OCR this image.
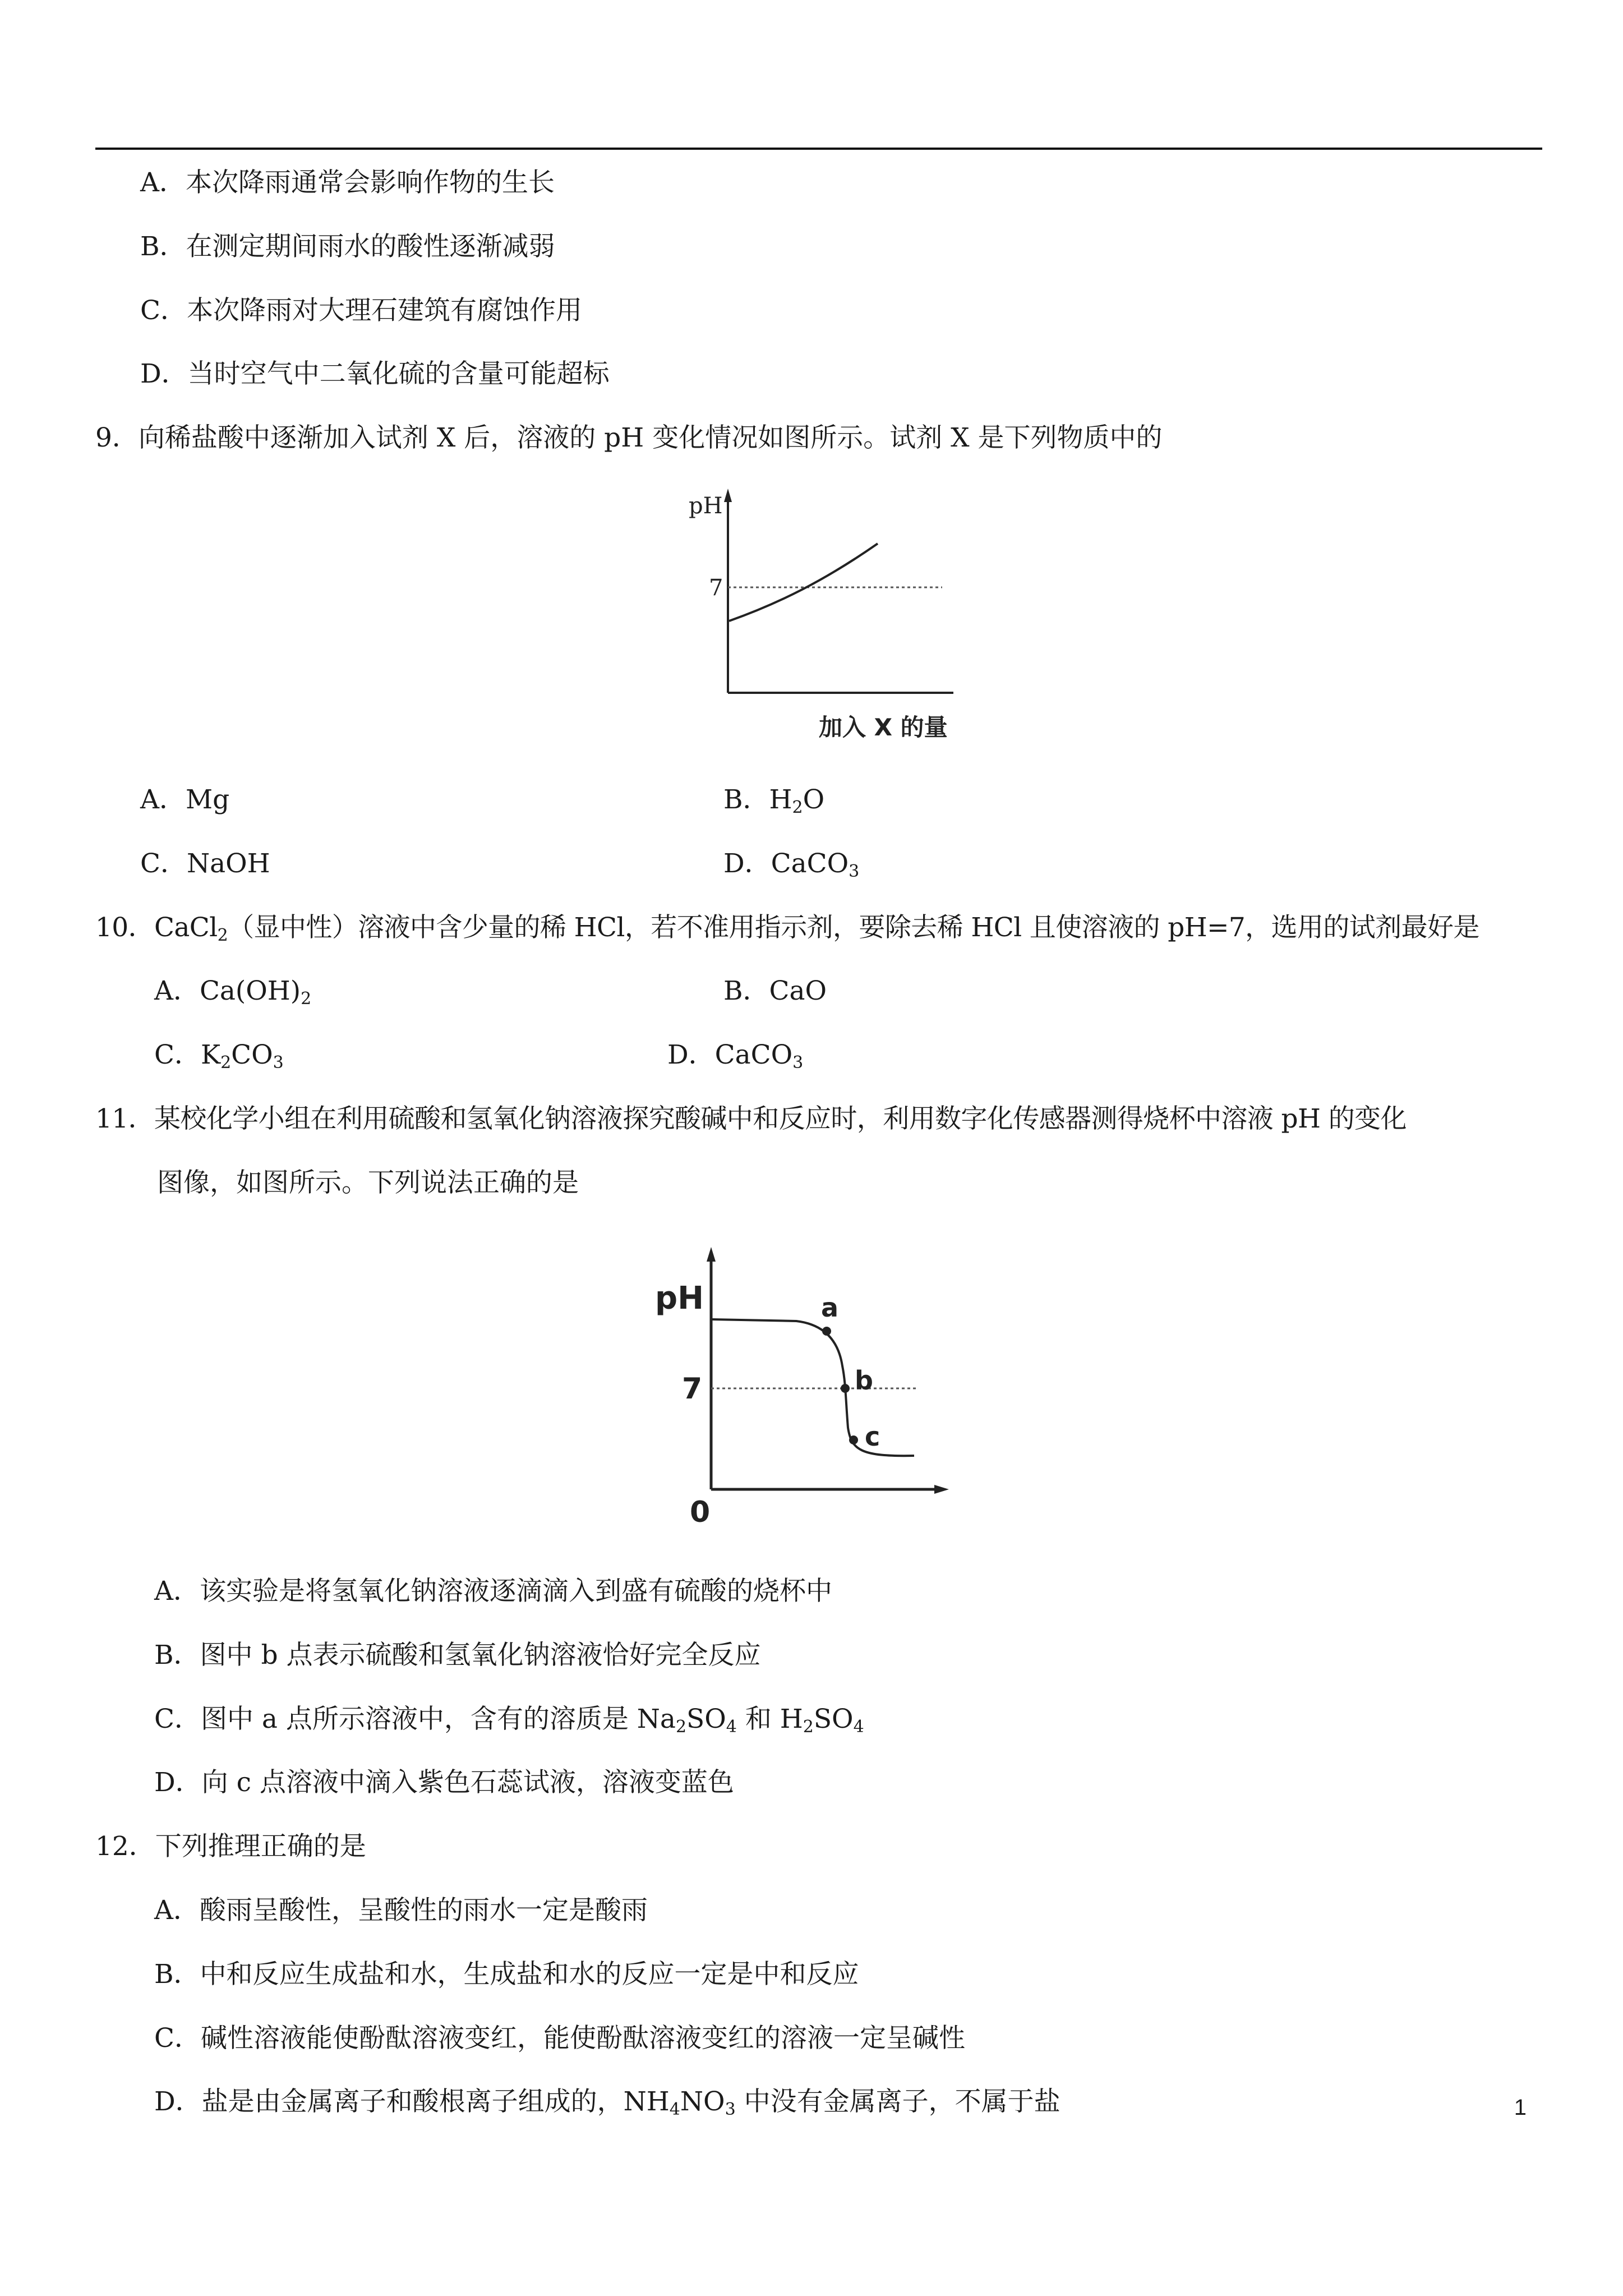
A．本次降雨通常会影响作物的生长
B．在测定期间雨水的酸性逐渐减弱
C．本次降雨对大理石建筑有腐蚀作用
D．当时空气中二氧化硫的含量可能超标
9．向稀盐酸中逐渐加入试剂 X 后，溶液的 pH 变化情况如图所示。试剂 X 是下列物质中的
pH
7
加入 X 的量
A．Mg	B．$H_2O$
C．NaOH	D．CaCO$_3$
10．CaCl$_2$（显中性）溶液中含少量的稀 HCl，若不准用指示剂，要除去稀 HCl 且使溶液的 pH=7，选用的试剂最好是
A．$Ca(OH)_2$	B．CaO
C．$K_2CO_3$	D．CaCO$_3$
11．某校化学小组在利用硫酸和氢氧化钠溶液探究酸碱中和反应时，利用数字化传感器测得烧杯中溶液 pH 的变化
图像，如图所示。下列说法正确的是
pH
7
0
a
b
c
A．该实验是将氢氧化钠溶液逐滴滴入到盛有硫酸的烧杯中
B．图中 b 点表示硫酸和氢氧化钠溶液恰好完全反应
C．图中 a 点所示溶液中，含有的溶质是 $Na_2SO_4$ 和 $H_2SO_4$
D．向 c 点溶液中滴入紫色石蕊试液，溶液变蓝色
12．下列推理正确的是
A．酸雨呈酸性，呈酸性的雨水一定是酸雨
B．中和反应生成盐和水，生成盐和水的反应一定是中和反应
C．碱性溶液能使酚酞溶液变红，能使酚酞溶液变红的溶液一定呈碱性
D．盐是由金属离子和酸根离子组成的，$NH_4NO_3$ 中没有金属离子，不属于盐	1
